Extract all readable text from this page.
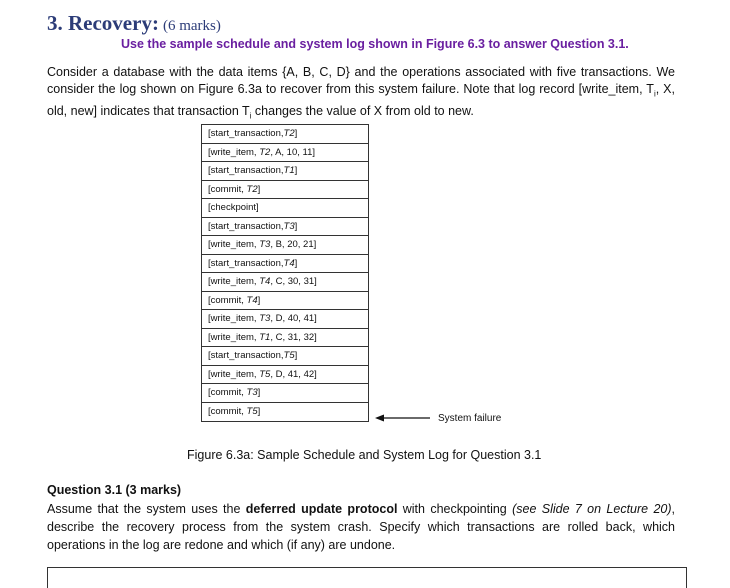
3. Recovery: (6 marks)
Use the sample schedule and system log shown in Figure 6.3 to answer Question 3.1.
Consider a database with the data items {A, B, C, D} and the operations associated with five transactions. We consider the log shown on Figure 6.3a to recover from this system failure. Note that log record [write_item, $T_i$, X, old, new] indicates that transaction $T_i$ changes the value of X from old to new.
[start_transaction,T2]
[write_item, T2, A, 10, 11]
[start_transaction,T1]
[commit, T2]
[checkpoint]
[start_transaction,T3]
[write_item, T3, B, 20, 21]
[start_transaction,T4]
[write_item, T4, C, 30, 31]
[commit, T4]
[write_item, T3, D, 40, 41]
[write_item, T1, C, 31, 32]
[start_transaction,T5]
[write_item, T5, D, 41, 42]
[commit, T3]
[commit, T5]
System failure
Figure 6.3a: Sample Schedule and System Log for Question 3.1
Question 3.1 (3 marks)
Assume that the system uses the deferred update protocol with checkpointing (see Slide 7 on Lecture 20), describe the recovery process from the system crash. Specify which transactions are rolled back, which operations in the log are redone and which (if any) are undone.
